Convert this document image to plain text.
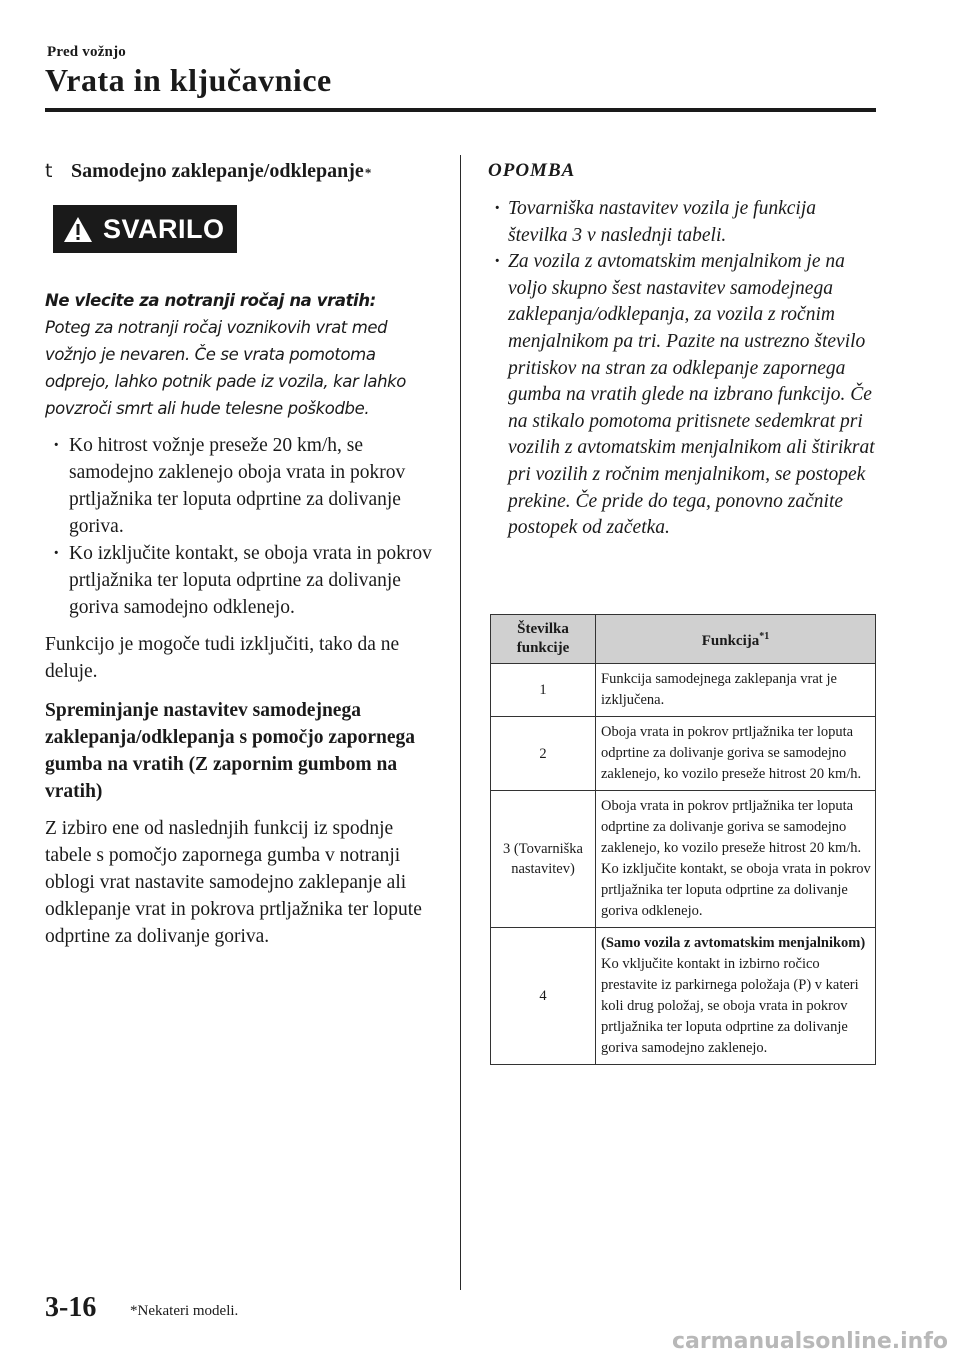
Pred vožnjo
Vrata in ključavnice
t Samodejno zaklepanje/odklepanje *
SVARILO

Ne vlecite za notranji ročaj na vratih:

Poteg za notranji ročaj voznikovih vrat med vožnjo je nevaren. Če se vrata pomotoma odprejo, lahko potnik pade iz vozila, kar lahko povzroči smrt ali hude telesne poškodbe.

· Ko hitrost vožnje preseže 20 km/h, se samodejno zaklenejo oboja vrata in pokrov prtljažnika ter loputa odprtine za dolivanje goriva.
· Ko izključite kontakt, se oboja vrata in pokrov prtljažnika ter loputa odprtine za dolivanje goriva samodejno odklenejo.

Funkcijo je mogoče tudi izključiti, tako da ne deluje.

Spreminjanje nastavitev samodejnega zaklepanja/odklepanja s pomočjo zapornega gumba na vratih (Z zapornim gumbom na vratih)

Z izbiro ene od naslednjih funkcij iz spodnje tabele s pomočjo zapornega gumba v notranji oblogi vrat nastavite samodejno zaklepanje ali odklepanje vrat in pokrova prtljažnika ter lopute odprtine za dolivanje goriva.

OPOMBA

· Tovarniška nastavitev vozila je funkcija številka 3 v naslednji tabeli.
· Za vozila z avtomatskim menjalnikom je na voljo skupno šest nastavitev samodejnega zaklepanja/odklepanja, za vozila z ročnim menjalnikom pa tri. Pazite na ustrezno število pritiskov na stran za odklepanje zapornega gumba na vratih glede na izbrano funkcijo. Če na stikalo pomotoma pritisnete sedemkrat pri vozilih z avtomatskim menjalnikom ali štirikrat pri vozilih z ročnim menjalnikom, se postopek prekine. Če pride do tega, ponovno začnite postopek od začetka.
Številka
funkcije	Funkcija$^{*1}$
1	Funkcija samodejnega zaklepanja vrat je izključena.
2	Oboja vrata in pokrov prtljažnika ter loputa odprtine za dolivanje goriva se samodejno zaklenejo, ko vozilo preseže hitrost 20 km/h.
3 (Tovarniška nastavitev)	Oboja vrata in pokrov prtljažnika ter loputa odprtine za dolivanje goriva se samodejno zaklenejo, ko vozilo preseže hitrost 20 km/h. Ko izključite kontakt, se oboja vrata in pokrov prtljažnika ter loputa odprtine za dolivanje goriva odklenejo.
4	(Samo vozila z avtomatskim menjalnikom)
Ko vključite kontakt in izbirno ročico prestavite iz parkirnega položaja (P) v kateri koli drug položaj, se oboja vrata in pokrov prtljažnika ter loputa odprtine za dolivanje goriva samodejno zaklenejo.
3-16 *Nekateri modeli.
carmanualsonline.info
